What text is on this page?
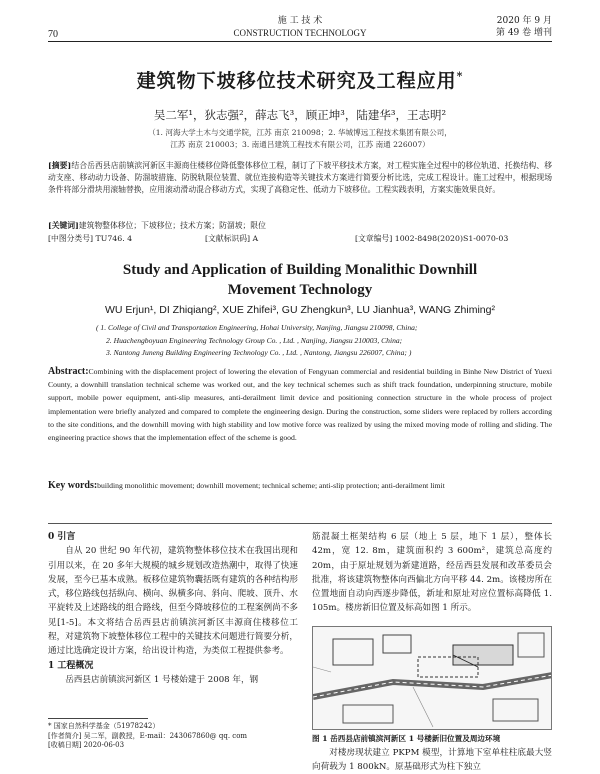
70
施 工 技 术
CONSTRUCTION TECHNOLOGY
2020 年 9 月
第 49 卷 增刊
建筑物下坡移位技术研究及工程应用*
吴二军¹，狄志强²，薛志飞³，顾正坤³，陆建华³，王志明²
（1. 河海大学土木与交通学院，江苏 南京 210098；2. 华城博远工程技术集团有限公司，
江苏 南京 210003；3. 南通吕建筑工程技术有限公司，江苏 南通 226007）
[摘要]结合岳西县店前镇滨河新区丰源商住楼移位降低整体移位工程，制订了下坡平移技术方案，对工程实施全过程中的移位轨道、托换结构、移动支座、移动动力设备、防溜坡措施、防脱轨限位装置、就位连接构造等关键技术方案进行简要分析比选，完成工程设计。施工过程中，根据现场条件将部分滑块用滚轴替换，应用滚动滑动混合移动方式，实现了高稳定性、低动力下坡移位。工程实践表明，方案实施效果良好。
[关键词]建筑物整体移位；下坡移位；技术方案；防溜坡；限位
[中图分类号] TU746. 4	[文献标识码] A	[文章编号] 1002-8498(2020)S1-0070-03
Study and Application of Building Monalithic Downhill
Movement Technology
WU Erjun¹, DI Zhiqiang², XUE Zhifei³, GU Zhengkun³, LU Jianhua³, WANG Zhiming²
( 1. College of Civil and Transportation Engineering, Hohai University, Nanjing, Jiangsu 210098, China;
2. Huachengboyuan Engineering Technology Group Co. , Ltd. , Nanjing, Jiangsu 210003, China;
3. Nantong Juneng Building Engineering Technology Co. , Ltd. , Nantong, Jiangsu 226007, China; )
Abstract:Combining with the displacement project of lowering the elevation of Fengyuan commercial and residential building in Binhe New District of Yuexi County, a downhill translation technical scheme was worked out, and the key technical schemes such as shift track foundation, underpinning structure, mobile support, mobile power equipment, anti-slip measures, anti-derailment limit device and positioning connection structure in the whole process of project implementation were briefly analyzed and compared to complete the engineering design. During the construction, some sliders were replaced by rollers according to the site conditions, and the downhill moving with high stability and low motive force was realized by using the mixed moving mode of rolling and sliding. The engineering practice shows that the implementation effect of the scheme is good.
Key words:building monolithic movement; downhill movement; technical scheme; anti-slip protection; anti-derailment limit
0 引言
自从 20 世纪 90 年代初，建筑物整体移位技术在我国出现和引用以来，在 20 多年大规模的城乡规划改造热潮中，取得了快速发展，至今已基本成熟。板移位建筑物囊括既有建筑的各种结构形式，移位路线包括纵向、横向、纵横多向、斜向、爬坡、顶升、水平旋转及上述路线的组合路线，但至今降坡移位的工程案例尚不多见[1-5]。本文将结合岳西县店前镇滨河新区丰源商住楼移位工程，对建筑物下坡整体移位工程中的关键技术问题进行简要分析，通过比选确定设计方案，给出设计构造，为类似工程提供参考。
1 工程概况
岳西县店前镇滨河新区 1 号楼始建于 2008 年，钢
* 国家自然科学基金（51978242）
[作者简介] 吴二军，副教授，E-mail：243067860@ qq. com
[收稿日期] 2020-06-03
筋混凝土框架结构 6 层（地上 5 层，地下 1 层），整体长 42m，宽 12. 8m，建筑面积约 3 600m²，建筑总高度约 20m，由于原址规划为新建道路，经岳西县发展和改革委员会批准，将该建筑物整体向西偏北方向平移 44. 2m。该楼房所在位置地面自动向西逐步降低，新址和原址对应位置标高降低 1. 105m。楼房新旧位置及标高如图 1 所示。
图 1 岳西县店前镇滨河新区 1 号楼新旧位置及周边环境
对楼房现状建立 PKPM 模型，计算地下室单柱柱底最大竖向荷载为 1 800kN。原基础形式为柱下独立
